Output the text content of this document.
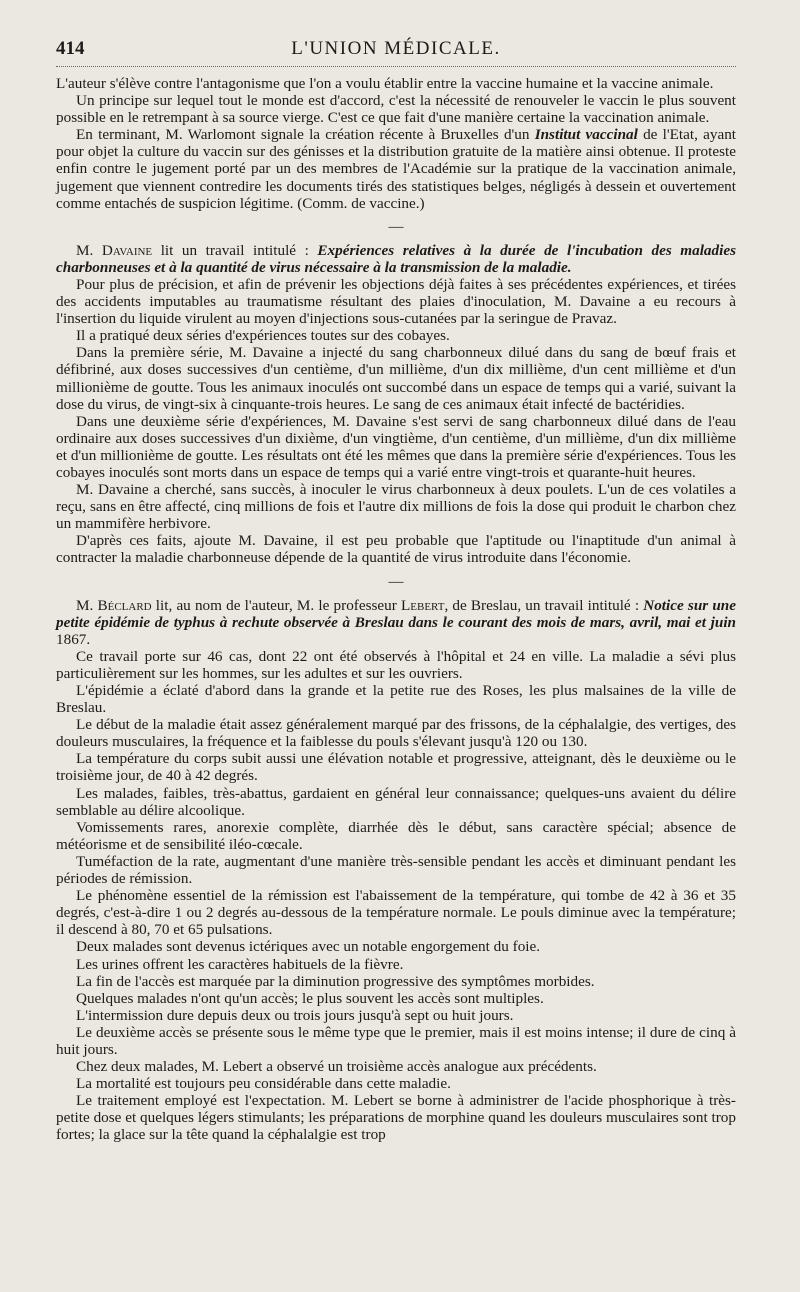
414	L'UNION MÉDICALE.

L'auteur s'élève contre l'antagonisme que l'on a voulu établir entre la vaccine humaine et la vaccine animale.

Un principe sur lequel tout le monde est d'accord, c'est la nécessité de renouveler le vaccin le plus souvent possible en le retrempant à sa source vierge. C'est ce que fait d'une manière certaine la vaccination animale.

En terminant, M. Warlomont signale la création récente à Bruxelles d'un Institut vaccinal de l'Etat, ayant pour objet la culture du vaccin sur des génisses et la distribution gratuite de la matière ainsi obtenue. Il proteste enfin contre le jugement porté par un des membres de l'Académie sur la pratique de la vaccination animale, jugement que viennent contredire les documents tirés des statistiques belges, négligés à dessein et ouvertement comme entachés de suspicion légitime. (Comm. de vaccine.)

—

M. Davaine lit un travail intitulé : Expériences relatives à la durée de l'incubation des maladies charbonneuses et à la quantité de virus nécessaire à la transmission de la maladie.

Pour plus de précision, et afin de prévenir les objections déjà faites à ses précédentes expériences, et tirées des accidents imputables au traumatisme résultant des plaies d'inoculation, M. Davaine a eu recours à l'insertion du liquide virulent au moyen d'injections sous-cutanées par la seringue de Pravaz.

Il a pratiqué deux séries d'expériences toutes sur des cobayes.

Dans la première série, M. Davaine a injecté du sang charbonneux dilué dans du sang de bœuf frais et défibriné, aux doses successives d'un centième, d'un millième, d'un dix millième, d'un cent millième et d'un millionième de goutte. Tous les animaux inoculés ont succombé dans un espace de temps qui a varié, suivant la dose du virus, de vingt-six à cinquante-trois heures. Le sang de ces animaux était infecté de bactéridies.

Dans une deuxième série d'expériences, M. Davaine s'est servi de sang charbonneux dilué dans de l'eau ordinaire aux doses successives d'un dixième, d'un vingtième, d'un centième, d'un millième, d'un dix millième et d'un millionième de goutte. Les résultats ont été les mêmes que dans la première série d'expériences. Tous les cobayes inoculés sont morts dans un espace de temps qui a varié entre vingt-trois et quarante-huit heures.

M. Davaine a cherché, sans succès, à inoculer le virus charbonneux à deux poulets. L'un de ces volatiles a reçu, sans en être affecté, cinq millions de fois et l'autre dix millions de fois la dose qui produit le charbon chez un mammifère herbivore.

D'après ces faits, ajoute M. Davaine, il est peu probable que l'aptitude ou l'inaptitude d'un animal à contracter la maladie charbonneuse dépende de la quantité de virus introduite dans l'économie.

—

M. Béclard lit, au nom de l'auteur, M. le professeur Lebert, de Breslau, un travail intitulé : Notice sur une petite épidémie de typhus à rechute observée à Breslau dans le courant des mois de mars, avril, mai et juin 1867.

Ce travail porte sur 46 cas, dont 22 ont été observés à l'hôpital et 24 en ville. La maladie a sévi plus particulièrement sur les hommes, sur les adultes et sur les ouvriers.

L'épidémie a éclaté d'abord dans la grande et la petite rue des Roses, les plus malsaines de la ville de Breslau.

Le début de la maladie était assez généralement marqué par des frissons, de la céphalalgie, des vertiges, des douleurs musculaires, la fréquence et la faiblesse du pouls s'élevant jusqu'à 120 ou 130.

La température du corps subit aussi une élévation notable et progressive, atteignant, dès le deuxième ou le troisième jour, de 40 à 42 degrés.

Les malades, faibles, très-abattus, gardaient en général leur connaissance; quelques-uns avaient du délire semblable au délire alcoolique.

Vomissements rares, anorexie complète, diarrhée dès le début, sans caractère spécial; absence de météorisme et de sensibilité iléo-cœcale.

Tuméfaction de la rate, augmentant d'une manière très-sensible pendant les accès et diminuant pendant les périodes de rémission.

Le phénomène essentiel de la rémission est l'abaissement de la température, qui tombe de 42 à 36 et 35 degrés, c'est-à-dire 1 ou 2 degrés au-dessous de la température normale. Le pouls diminue avec la température; il descend à 80, 70 et 65 pulsations.

Deux malades sont devenus ictériques avec un notable engorgement du foie.

Les urines offrent les caractères habituels de la fièvre.

La fin de l'accès est marquée par la diminution progressive des symptômes morbides.

Quelques malades n'ont qu'un accès; le plus souvent les accès sont multiples.

L'intermission dure depuis deux ou trois jours jusqu'à sept ou huit jours.

Le deuxième accès se présente sous le même type que le premier, mais il est moins intense; il dure de cinq à huit jours.

Chez deux malades, M. Lebert a observé un troisième accès analogue aux précédents.

La mortalité est toujours peu considérable dans cette maladie.

Le traitement employé est l'expectation. M. Lebert se borne à administrer de l'acide phosphorique à très-petite dose et quelques légers stimulants; les préparations de morphine quand les douleurs musculaires sont trop fortes; la glace sur la tête quand la céphalalgie est trop
